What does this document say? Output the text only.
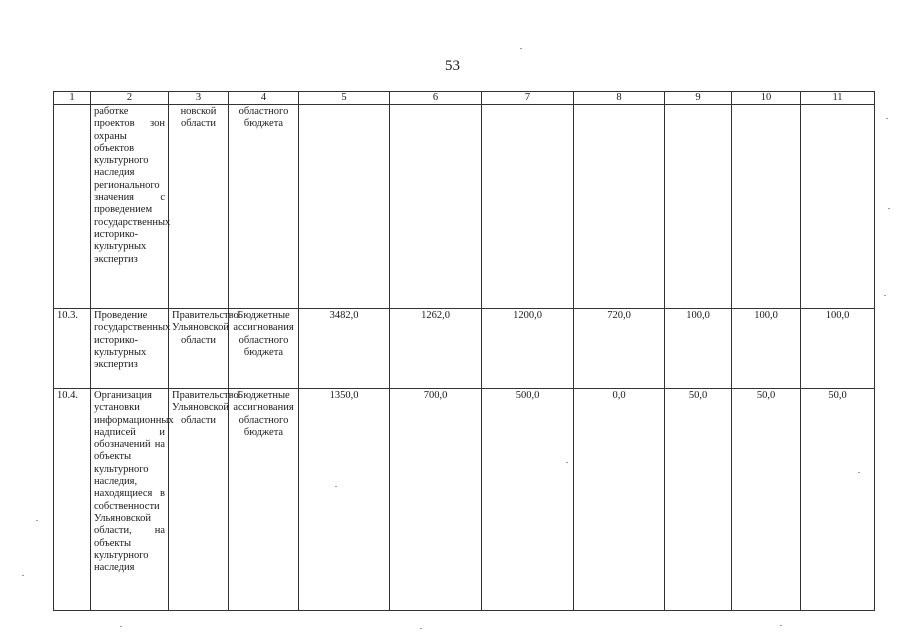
53
1	2	3	4	5	6	7	8	9	10	11
	работке проектов зон охраны объектов культурного наследия регионального значения с проведением государственных историко-культурных экспертиз	новской области	областного бюджета							
10.3.	Проведение государственных историко-культурных экспертиз	Правительство Ульяновской области	Бюджетные ассигнования областного бюджета	3482,0	1262,0	1200,0	720,0	100,0	100,0	100,0
10.4.	Организация установки информационных надписей и обозначений на объекты культурного наследия, находящиеся в собственности Ульяновской области, на объекты культурного наследия	Правительство Ульяновской области	Бюджетные ассигнования областного бюджета	1350,0	700,0	500,0	0,0	50,0	50,0	50,0
